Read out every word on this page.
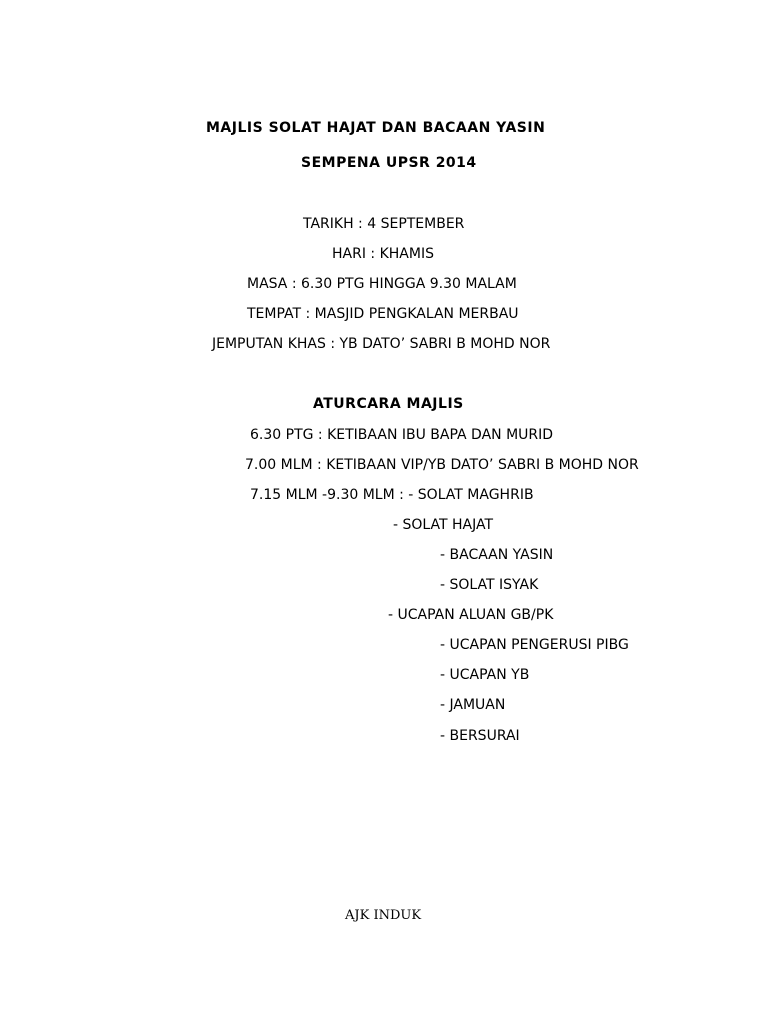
MAJLIS SOLAT HAJAT DAN BACAAN YASIN
SEMPENA UPSR 2014
TARIKH : 4 SEPTEMBER
HARI : KHAMIS
MASA : 6.30 PTG HINGGA 9.30 MALAM
TEMPAT : MASJID PENGKALAN MERBAU
JEMPUTAN KHAS : YB DATO’ SABRI B MOHD NOR
ATURCARA MAJLIS
6.30 PTG : KETIBAAN IBU BAPA DAN MURID
7.00 MLM : KETIBAAN VIP/YB DATO’ SABRI B MOHD NOR
7.15 MLM -9.30 MLM : - SOLAT MAGHRIB
- SOLAT HAJAT
- BACAAN YASIN
- SOLAT ISYAK
- UCAPAN ALUAN GB/PK
- UCAPAN PENGERUSI PIBG
- UCAPAN YB
- JAMUAN
- BERSURAI
AJK INDUK
